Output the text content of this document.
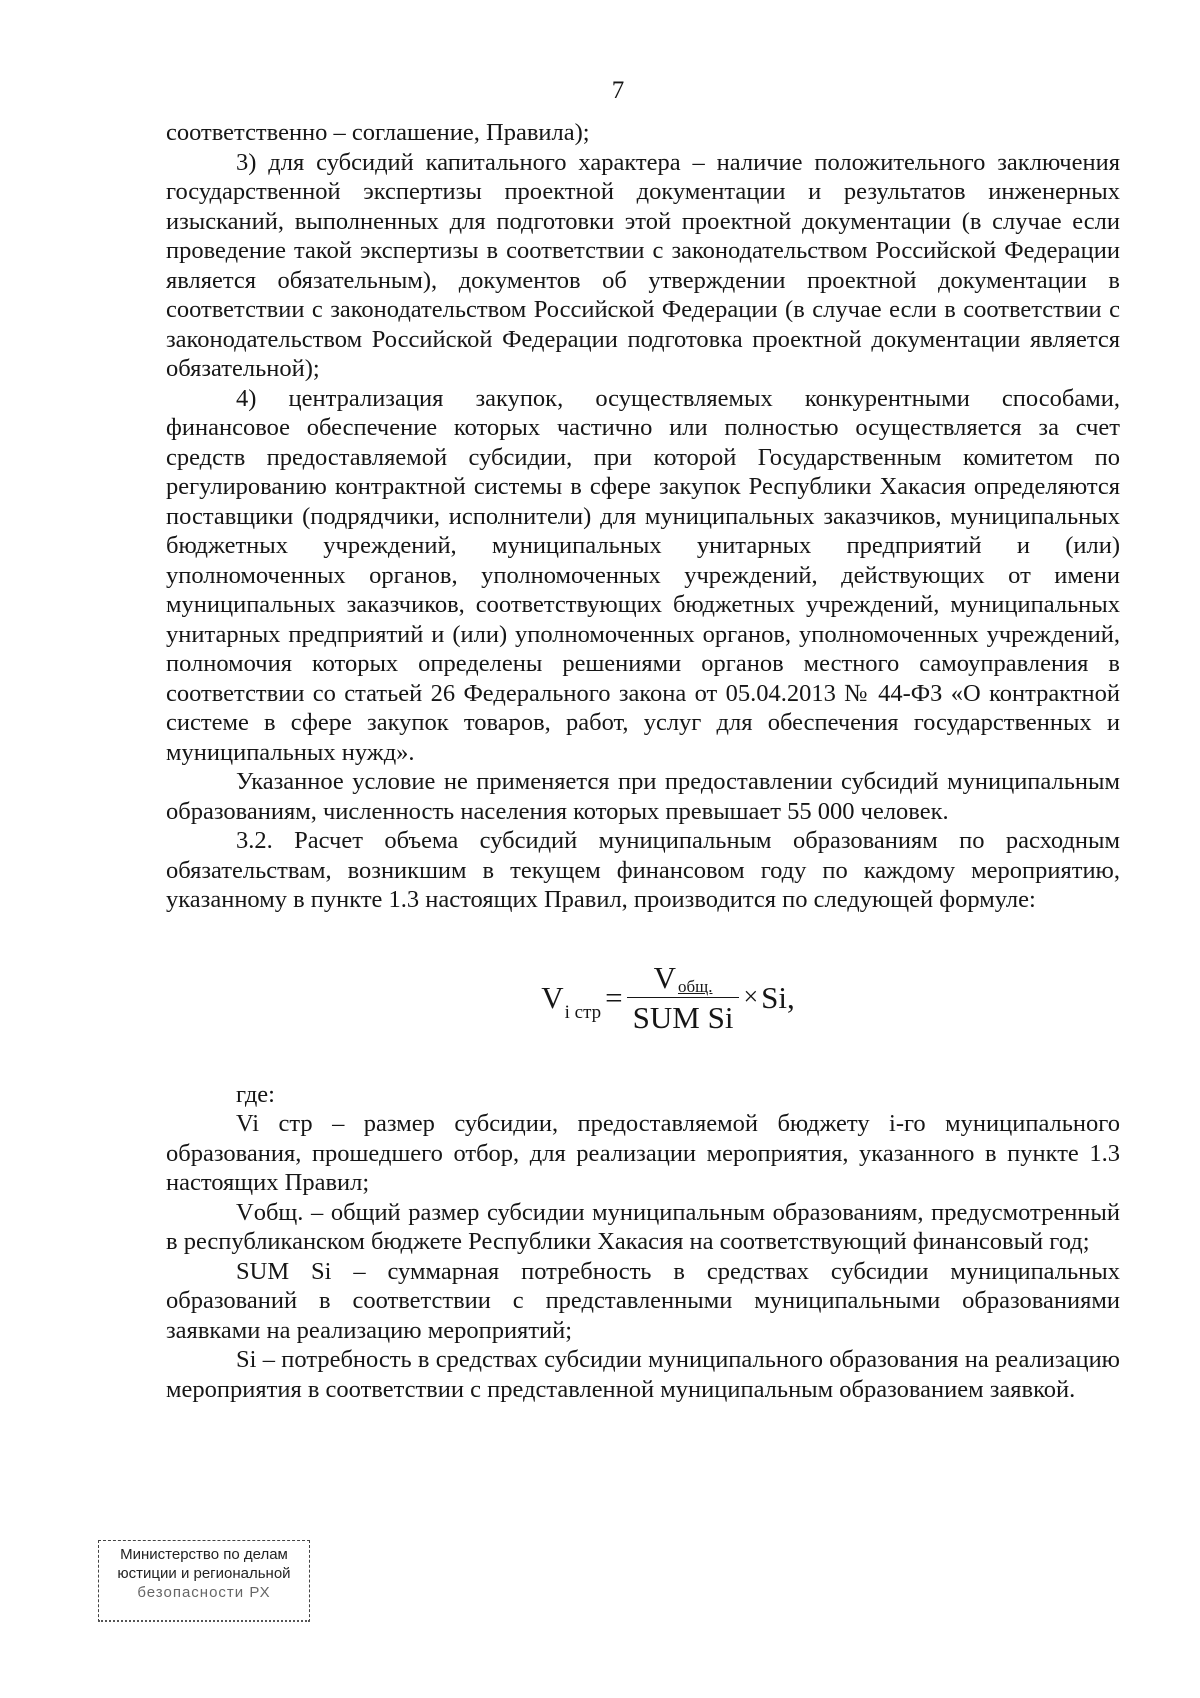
7

соответственно – соглашение, Правила);

3) для субсидий капитального характера – наличие положительного заключения государственной экспертизы проектной документации и результатов инженерных изысканий, выполненных для подготовки этой проектной документации (в случае если проведение такой экспертизы в соответствии с законодательством Российской Федерации является обязательным), документов об утверждении проектной документации в соответствии с законодательством Российской Федерации (в случае если в соответствии с законодательством Российской Федерации подготовка проектной документации является обязательной);

4) централизация закупок, осуществляемых конкурентными способами, финансовое обеспечение которых частично или полностью осуществляется за счет средств предоставляемой субсидии, при которой Государственным комитетом по регулированию контрактной системы в сфере закупок Республики Хакасия определяются поставщики (подрядчики, исполнители) для муниципальных заказчиков, муниципальных бюджетных учреждений, муниципальных унитарных предприятий и (или) уполномоченных органов, уполномоченных учреждений, действующих от имени муниципальных заказчиков, соответствующих бюджетных учреждений, муниципальных унитарных предприятий и (или) уполномоченных органов, уполномоченных учреждений, полномочия которых определены решениями органов местного самоуправления в соответствии со статьей 26 Федерального закона от 05.04.2013 № 44-ФЗ «О контрактной системе в сфере закупок товаров, работ, услуг для обеспечения государственных и муниципальных нужд».

Указанное условие не применяется при предоставлении субсидий муниципальным образованиям, численность населения которых превышает 55 000 человек.

3.2. Расчет объема субсидий муниципальным образованиям по расходным обязательствам, возникшим в текущем финансовом году по каждому мероприятию, указанному в пункте 1.3 настоящих Правил, производится по следующей формуле:

V i стр = $\frac{\text{V общ.}}{\text{SUM Si}} \times Si$,

где:

Vi стр – размер субсидии, предоставляемой бюджету i-го муниципального образования, прошедшего отбор, для реализации мероприятия, указанного в пункте 1.3 настоящих Правил;

Vобщ. – общий размер субсидии муниципальным образованиям, предусмотренный в республиканском бюджете Республики Хакасия на соответствующий финансовый год;

SUM Si – суммарная потребность в средствах субсидии муниципальных образований в соответствии с представленными муниципальными образованиями заявками на реализацию мероприятий;

Si – потребность в средствах субсидии муниципального образования на реализацию мероприятия в соответствии с представленной муниципальным образованием заявкой.

Министерство по делам
юстиции и региональной
безопасности РХ
